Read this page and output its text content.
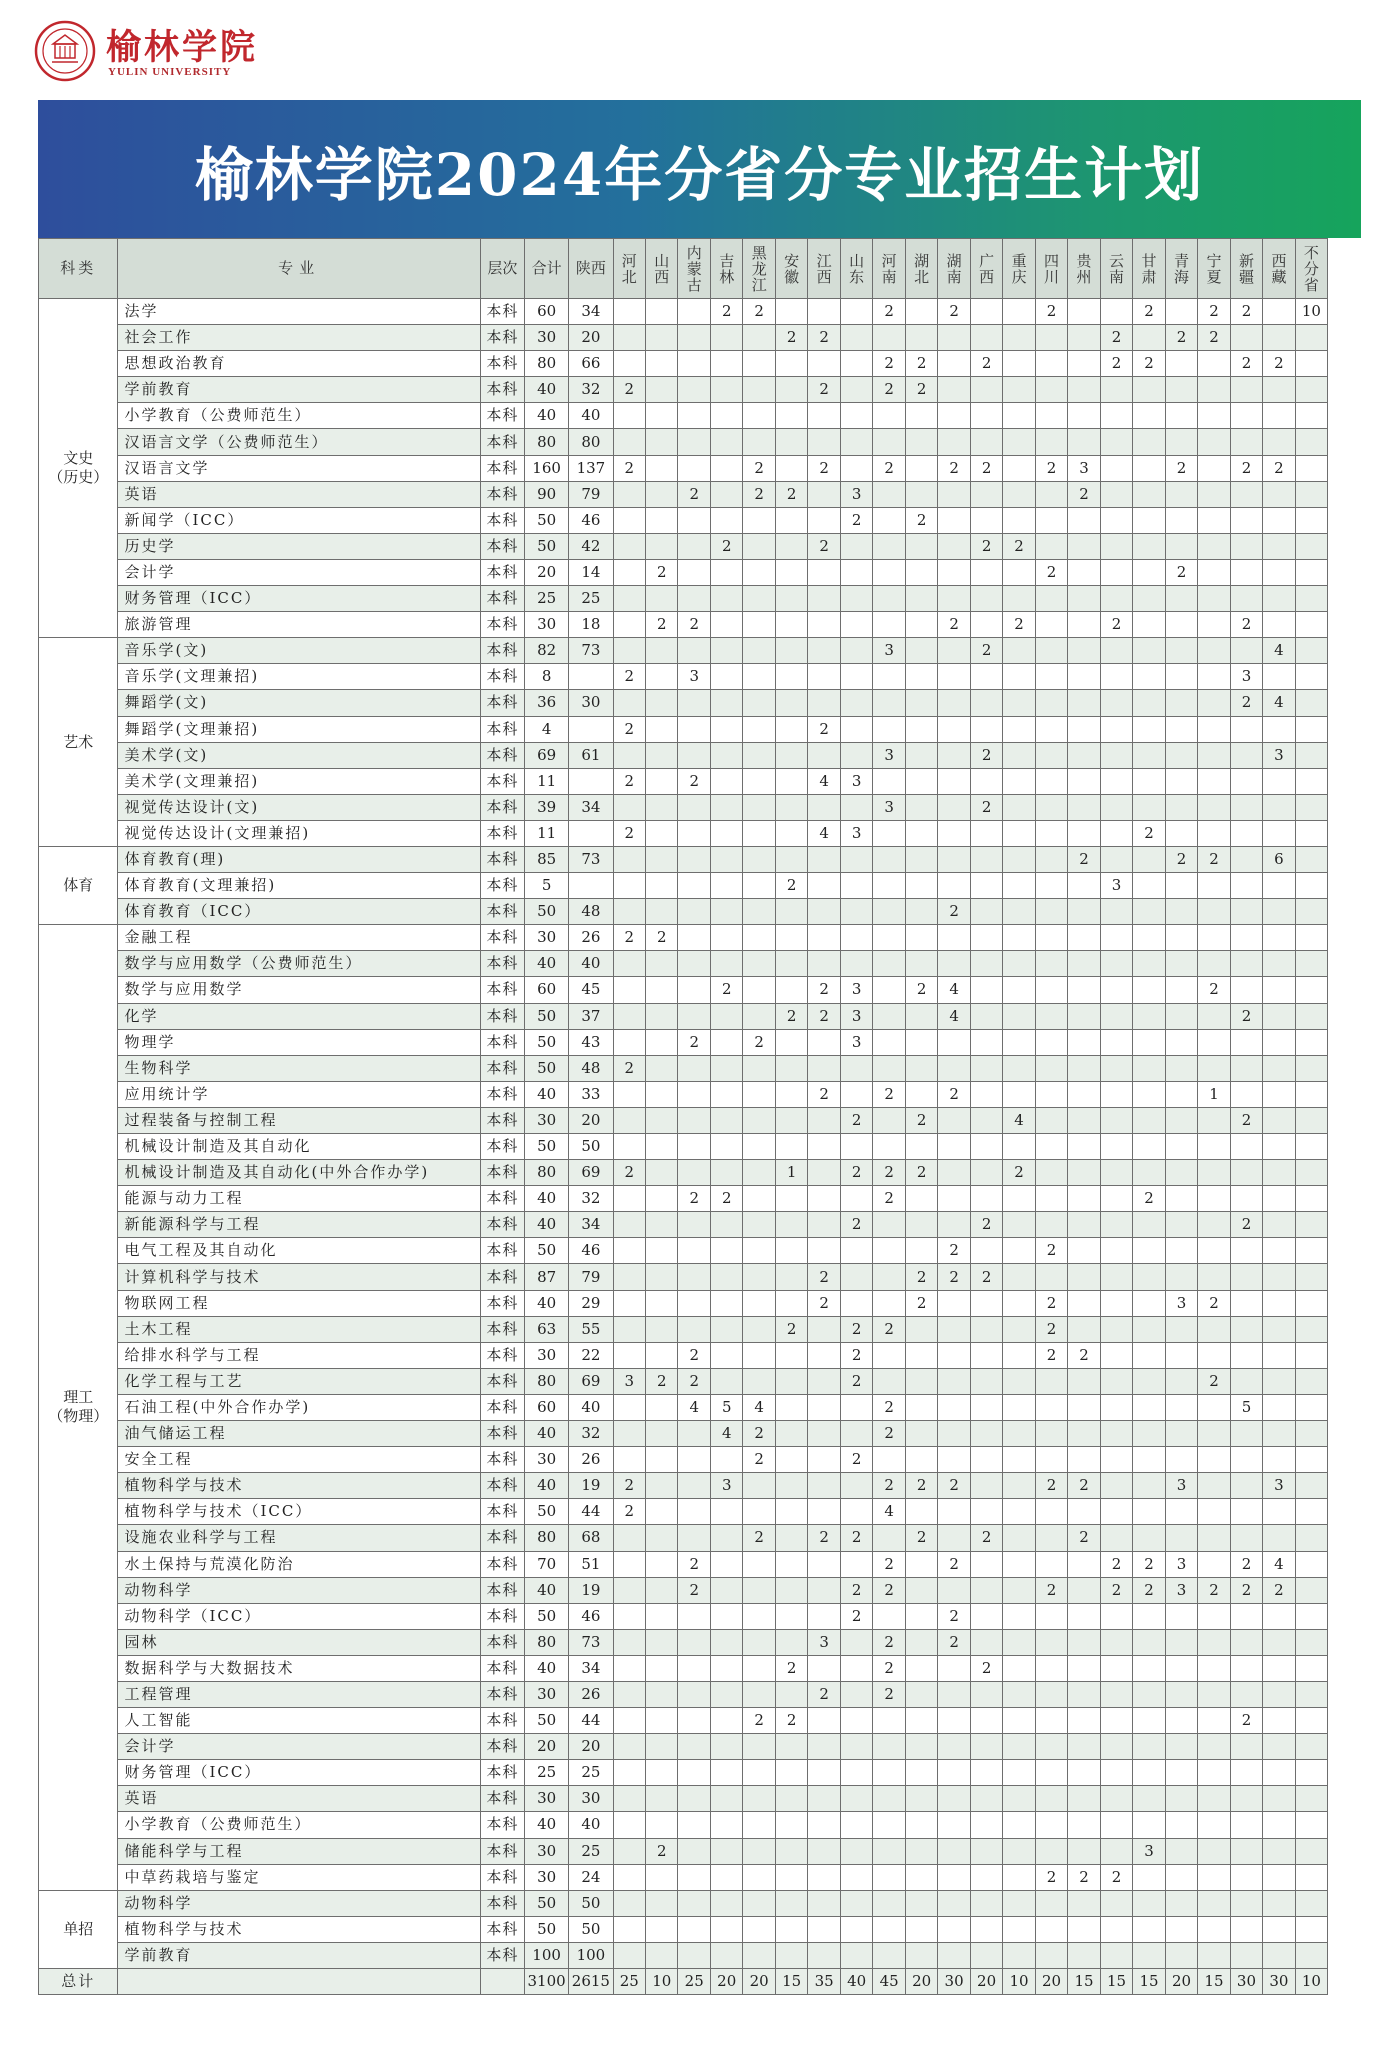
榆林学院
YULIN UNIVERSITY
榆林学院2024年分省分专业招生计划
科类	专业	层次	合计	陕西	河北	山西	内蒙古	吉林	黑龙江	安徽	江西	山东	河南	湖北	湖南	广西	重庆	四川	贵州	云南	甘肃	青海	宁夏	新疆	西藏	不分省
文史
（历史）	法学	本科	60	34				2	2				2		2			2			2		2	2		10
	社会工作	本科	30	20						2	2									2		2	2			
	思想政治教育	本科	80	66									2	2		2				2	2			2	2	
	学前教育	本科	40	32	2						2		2	2												
	小学教育（公费师范生）	本科	40	40																						
	汉语言文学（公费师范生）	本科	80	80																						
	汉语言文学	本科	160	137	2				2		2		2		2	2		2	3			2		2	2	
	英语	本科	90	79			2		2	2		3							2							
	新闻学（ICC）	本科	50	46								2		2												
	历史学	本科	50	42				2			2					2	2									
	会计学	本科	20	14		2												2				2				
	财务管理（ICC）	本科	25	25																						
	旅游管理	本科	30	18		2	2								2		2			2				2		
艺术	音乐学(文)	本科	82	73									3			2									4	
	音乐学(文理兼招)	本科	8		2		3																	3		
	舞蹈学(文)	本科	36	30																				2	4	
	舞蹈学(文理兼招)	本科	4		2						2															
	美术学(文)	本科	69	61									3			2									3	
	美术学(文理兼招)	本科	11		2		2				4	3														
	视觉传达设计(文)	本科	39	34									3			2										
	视觉传达设计(文理兼招)	本科	11		2						4	3									2					
体育	体育教育(理)	本科	85	73															2			2	2		6	
	体育教育(文理兼招)	本科	5							2										3						
	体育教育（ICC）	本科	50	48											2											
理工
（物理）	金融工程	本科	30	26	2	2																				
	数学与应用数学（公费师范生）	本科	40	40																						
	数学与应用数学	本科	60	45				2			2	3		2	4								2			
	化学	本科	50	37						2	2	3			4									2		
	物理学	本科	50	43			2		2			3														
	生物科学	本科	50	48	2																					
	应用统计学	本科	40	33							2		2		2								1			
	过程装备与控制工程	本科	30	20								2		2			4							2		
	机械设计制造及其自动化	本科	50	50																						
	机械设计制造及其自动化(中外合作办学)	本科	80	69	2					1		2	2	2			2									
	能源与动力工程	本科	40	32			2	2					2								2					
	新能源科学与工程	本科	40	34								2				2								2		
	电气工程及其自动化	本科	50	46											2			2								
	计算机科学与技术	本科	87	79							2			2	2	2										
	物联网工程	本科	40	29							2			2				2				3	2			
	土木工程	本科	63	55						2		2	2					2								
	给排水科学与工程	本科	30	22			2					2						2	2							
	化学工程与工艺	本科	80	69	3	2	2					2											2			
	石油工程(中外合作办学)	本科	60	40			4	5	4				2											5		
	油气储运工程	本科	40	32				4	2				2													
	安全工程	本科	30	26					2			2														
	植物科学与技术	本科	40	19	2			3					2	2	2			2	2			3			3	
	植物科学与技术（ICC）	本科	50	44	2								4													
	设施农业科学与工程	本科	80	68					2		2	2		2		2			2							
	水土保持与荒漠化防治	本科	70	51			2						2		2					2	2	3		2	4	
	动物科学	本科	40	19			2					2	2					2		2	2	3	2	2	2	
	动物科学（ICC）	本科	50	46								2			2											
	园林	本科	80	73							3		2		2											
	数据科学与大数据技术	本科	40	34						2			2			2										
	工程管理	本科	30	26							2		2													
	人工智能	本科	50	44					2	2														2		
	会计学	本科	20	20																						
	财务管理（ICC）	本科	25	25																						
	英语	本科	30	30																						
	小学教育（公费师范生）	本科	40	40																						
	储能科学与工程	本科	30	25		2															3					
	中草药栽培与鉴定	本科	30	24														2	2	2						
单招	动物科学	本科	50	50																						
	植物科学与技术	本科	50	50																						
	学前教育	本科	100	100																						
总计			3100	2615	25	10	25	20	20	15	35	40	45	20	30	20	10	20	15	15	15	20	15	30	30	10
